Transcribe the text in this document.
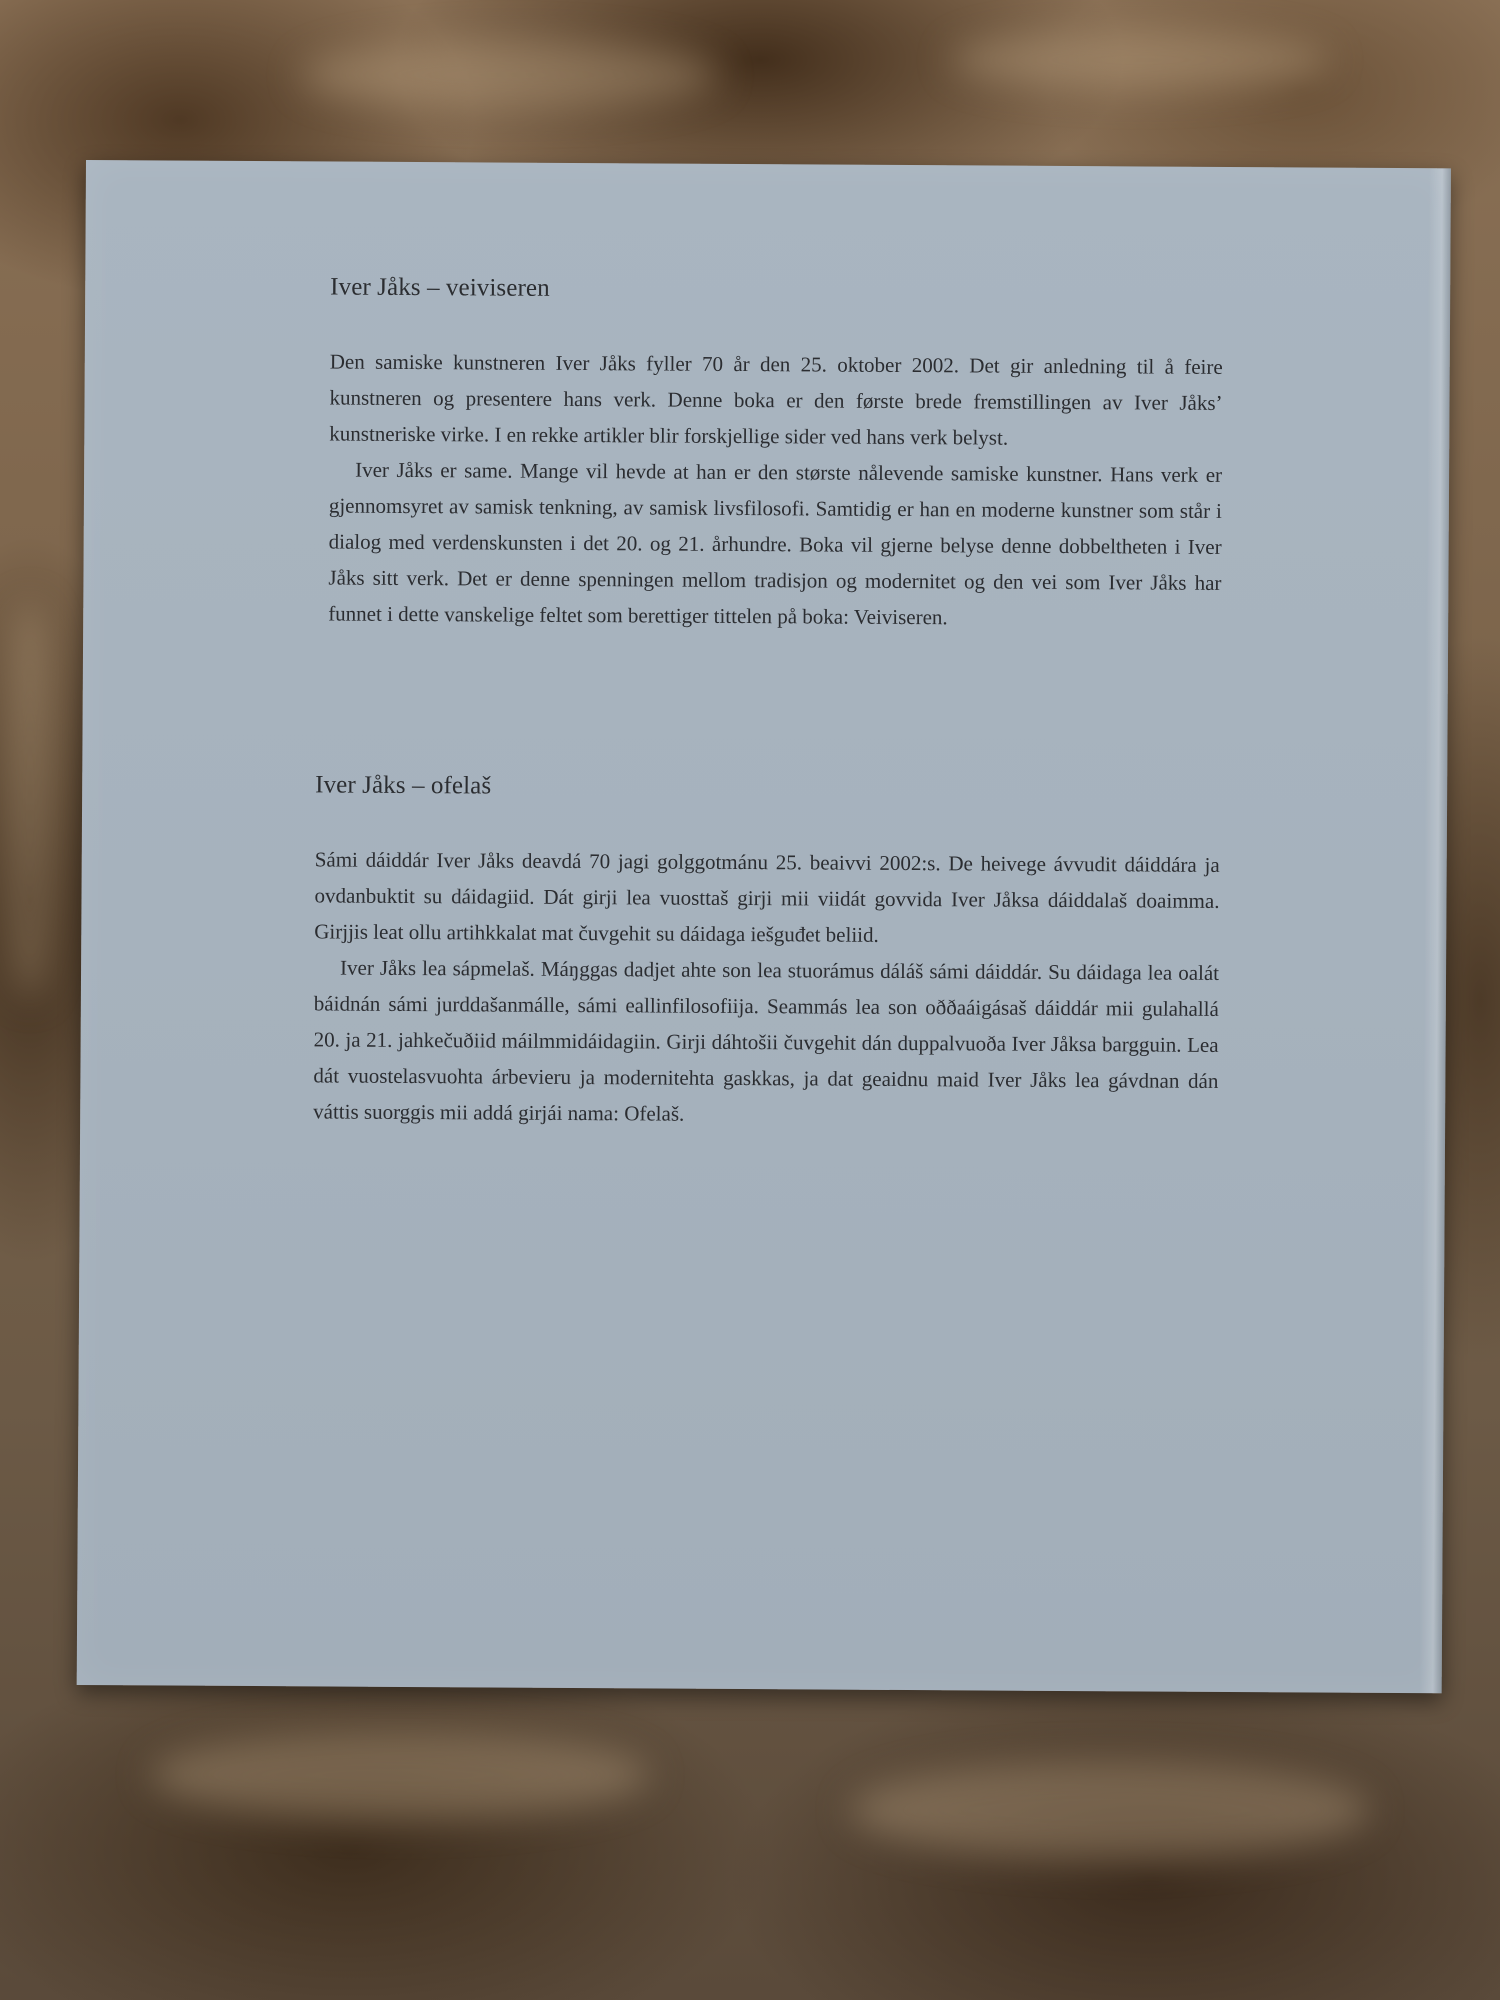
Iver Jåks – veiviseren

Den samiske kunstneren Iver Jåks fyller 70 år den 25. oktober 2002. Det gir anledning til å feire kunstneren og presentere hans verk. Denne boka er den første brede fremstillingen av Iver Jåks’ kunstneriske virke. I en rekke artikler blir forskjellige sider ved hans verk belyst.

Iver Jåks er same. Mange vil hevde at han er den største nålevende samiske kunstner. Hans verk er gjennomsyret av samisk tenkning, av samisk livsfilosofi. Samtidig er han en moderne kunstner som står i dialog med verdenskunsten i det 20. og 21. århundre. Boka vil gjerne belyse denne dobbeltheten i Iver Jåks sitt verk. Det er denne spenningen mellom tradisjon og modernitet og den vei som Iver Jåks har funnet i dette vanskelige feltet som berettiger tittelen på boka: Veiviseren.

Iver Jåks – ofelaš

Sámi dáiddár Iver Jåks deavdá 70 jagi golggotmánu 25. beaivvi 2002:s. De heivege ávvudit dáiddára ja ovdanbuktit su dáidagiid. Dát girji lea vuosttaš girji mii viidát govvida Iver Jåksa dáiddalaš doaimma. Girjjis leat ollu artihkkalat mat čuvgehit su dáidaga iešguđet beliid.

Iver Jåks lea sápmelaš. Máŋggas dadjet ahte son lea stuorámus dáláš sámi dáiddár. Su dáidaga lea oalát báidnán sámi jurddašanmálle, sámi eallinfilosofiija. Seammás lea son oððaáigásaš dáiddár mii gulahallá 20. ja 21. jahkečuðiid máilmmidáidagiin. Girji dáhtošii čuvgehit dán duppalvuoða Iver Jåksa bargguin. Lea dát vuostelasvuohta árbevieru ja modernitehta gaskkas, ja dat geaidnu maid Iver Jåks lea gávdnan dán váttis suorggis mii addá girjái nama: Ofelaš.
